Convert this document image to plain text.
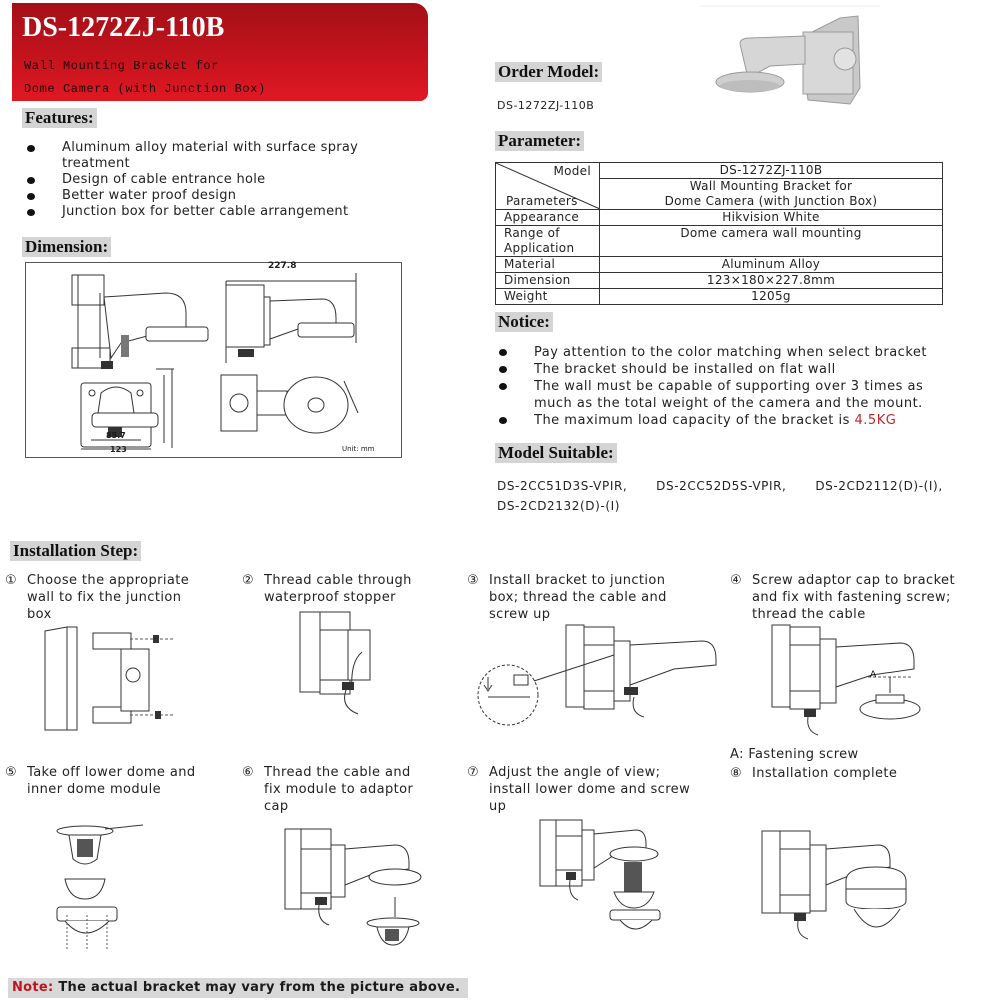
DS-1272ZJ-110B
Wall Mounting Bracket for
Dome Camera (with Junction Box)
Features:
Aluminum alloy material with surface spray
treatment
Design of cable entrance hole
Better water proof design
Junction box for better cable arrangement
Dimension:
227.8
85.7
123	Unit: mm
Order Model:
DS-1272ZJ-110B
Parameter:
Model
Parameters	DS-1272ZJ-110B
	Wall Mounting Bracket for
Dome Camera (with Junction Box)
Appearance	Hikvision White
Range of
Application	Dome camera wall mounting
Material	Aluminum Alloy
Dimension	123×180×227.8mm
Weight	1205g
Notice:
Pay attention to the color matching when select bracket
The bracket should be installed on flat wall
The wall must be capable of supporting over 3 times as
much as the total weight of the camera and the mount.
The maximum load capacity of the bracket is 4.5KG
Model Suitable:
DS-2CC51D3S-VPIR, DS-2CC52D5S-VPIR, DS-2CD2112(D)-(I),
DS-2CD2132(D)-(I)
Installation Step:
① Choose the appropriate
wall to fix the junction
box
② Thread cable through
waterproof stopper
③ Install bracket to junction
box; thread the cable and
screw up
④ Screw adaptor cap to bracket
and fix with fastening screw;
thread the cable
A
A: Fastening screw
⑤ Take off lower dome and
inner dome module
⑥ Thread the cable and
fix module to adaptor
cap
⑦ Adjust the angle of view;
install lower dome and screw
up
⑧ Installation complete
Note: The actual bracket may vary from the picture above.
